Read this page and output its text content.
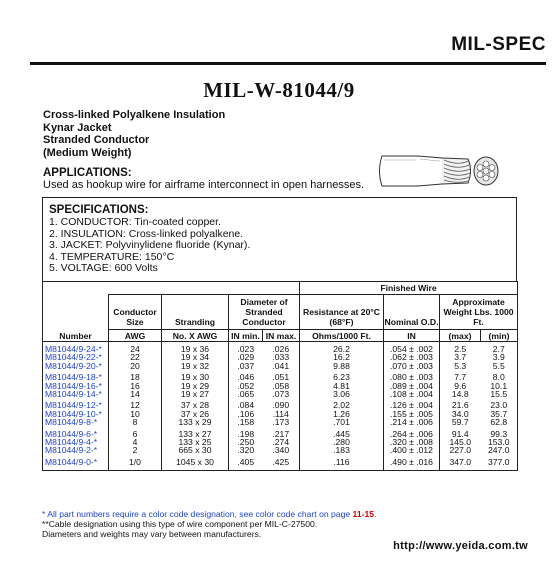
MIL-SPEC
MIL-W-81044/9
Cross-linked Polyalkene Insulation
Kynar Jacket
Stranded Conductor
(Medium Weight)
APPLICATIONS:
Used as hookup wire for airframe interconnect in open harnesses.
SPECIFICATIONS:
1. CONDUCTOR: Tin-coated copper.
2. INSULATION: Cross-linked polyalkene.
3. JACKET: Polyvinylidene fluoride (Kynar).
4. TEMPERATURE: 150°C
5. VOLTAGE: 600 Volts
					Finished Wire			
	Conductor Size	Stranding	Diameter of Stranded Conductor		Resistance at 20°C (68°F)	Nominal O.D.	Approximate Weight Lbs. 1000 Ft.	
Number	AWG	No. X AWG	IN min.	IN max.	Ohms/1000 Ft.	IN	(max)	(min)
M81044/9-24-*	24	19 x 36	.023	.026	26.2	.054 ± .002	2.5	2.7
M81044/9-22-*	22	19 x 34	.029	.033	16.2	.062 ± .003	3.7	3.9
M81044/9-20-*	20	19 x 32	.037	.041	9.88	.070 ± .003	5.3	5.5
M81044/9-18-*	18	19 x 30	.046	.051	6.23	.080 ± .003	7.7	8.0
M81044/9-16-*	16	19 x 29	.052	.058	4.81	.089 ± .004	9.6	10.1
M81044/9-14-*	14	19 x 27	.065	.073	3.06	.108 ± .004	14.8	15.5
M81044/9-12-*	12	37 x 28	.084	.090	2.02	.126 ± .004	21.6	23.0
M81044/9-10-*	10	37 x 26	.106	.114	1.26	.155 ± .005	34.0	35.7
M81044/9-8-*	8	133 x 29	.158	.173	.701	.214 ± .006	59.7	62.8
M81044/9-6-*	6	133 x 27	.198	.217	.445	.264 ± .006	91.4	99.3
M81044/9-4-*	4	133 x 25	.250	.274	.280	.320 ± .008	145.0	153.0
M81044/9-2-*	2	665 x 30	.320	.340	.183	.400 ± .012	227.0	247.0
M81044/9-0-*	1/0	1045 x 30	.405	.425	.116	.490 ± .016	347.0	377.0
* All part numbers require a color code designation, see color code chart on page 11-15.
**Cable designation using this type of wire component per MIL-C-27500.
Diameters and weights may vary between manufacturers.
http://www.yeida.com.tw
